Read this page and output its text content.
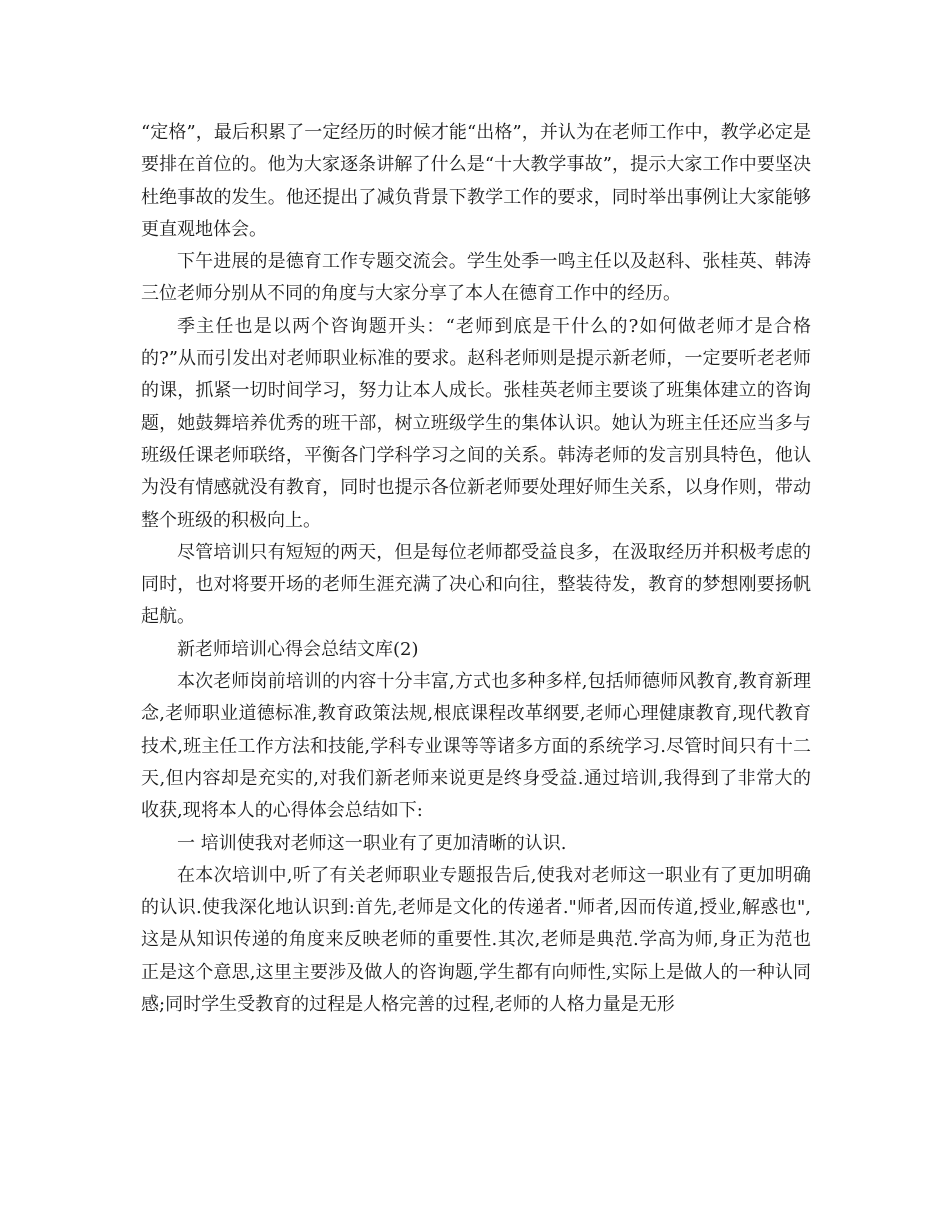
“定格”，最后积累了一定经历的时候才能“出格”，并认为在老师工作中，教学必定是要排在首位的。他为大家逐条讲解了什么是“十大教学事故”，提示大家工作中要坚决杜绝事故的发生。他还提出了减负背景下教学工作的要求，同时举出事例让大家能够更直观地体会。

下午进展的是德育工作专题交流会。学生处季一鸣主任以及赵科、张桂英、韩涛三位老师分别从不同的角度与大家分享了本人在德育工作中的经历。

季主任也是以两个咨询题开头：“老师到底是干什么的?如何做老师才是合格的?”从而引发出对老师职业标准的要求。赵科老师则是提示新老师，一定要听老老师的课，抓紧一切时间学习，努力让本人成长。张桂英老师主要谈了班集体建立的咨询题，她鼓舞培养优秀的班干部，树立班级学生的集体认识。她认为班主任还应当多与班级任课老师联络，平衡各门学科学习之间的关系。韩涛老师的发言别具特色，他认为没有情感就没有教育，同时也提示各位新老师要处理好师生关系，以身作则，带动整个班级的积极向上。

尽管培训只有短短的两天，但是每位老师都受益良多，在汲取经历并积极考虑的同时，也对将要开场的老师生涯充满了决心和向往，整装待发，教育的梦想刚要扬帆起航。

新老师培训心得会总结文库(2)

本次老师岗前培训的内容十分丰富,方式也多种多样,包括师德师风教育,教育新理念,老师职业道德标准,教育政策法规,根底课程改革纲要,老师心理健康教育,现代教育技术,班主任工作方法和技能,学科专业课等等诸多方面的系统学习.尽管时间只有十二天,但内容却是充实的,对我们新老师来说更是终身受益.通过培训,我得到了非常大的收获,现将本人的心得体会总结如下:

一 培训使我对老师这一职业有了更加清晰的认识.

在本次培训中,听了有关老师职业专题报告后,使我对老师这一职业有了更加明确的认识.使我深化地认识到:首先,老师是文化的传递者."师者,因而传道,授业,解惑也",这是从知识传递的角度来反映老师的重要性.其次,老师是典范.学高为师,身正为范也正是这个意思,这里主要涉及做人的咨询题,学生都有向师性,实际上是做人的一种认同感;同时学生受教育的过程是人格完善的过程,老师的人格力量是无形
